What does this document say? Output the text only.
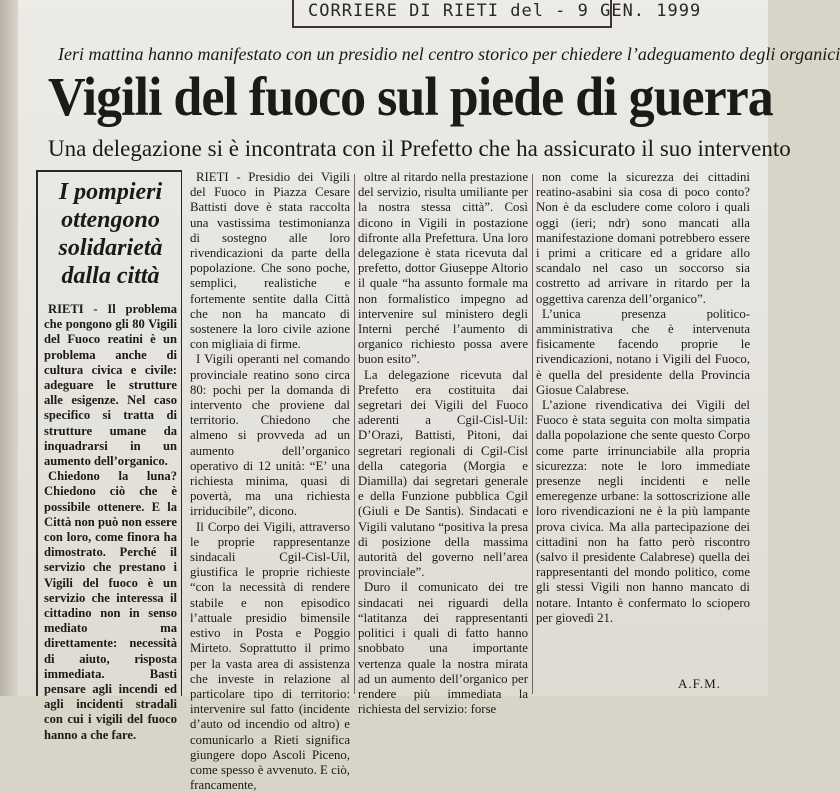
CORRIERE DI RIETI del - 9 GEN. 1999
Ieri mattina hanno manifestato con un presidio nel centro storico per chiedere l’adeguamento degli organici
Vigili del fuoco sul piede di guerra
Una delegazione si è incontrata con il Prefetto che ha assicurato il suo intervento
I pompieri ottengono solidarietà dalla città

RIETI - Il problema che pongono gli 80 Vigili del Fuoco reatini è un problema anche di cultura civica e civile: adeguare le strutture alle esigenze. Nel caso specifico si tratta di strutture umane da inquadrarsi in un aumento dell’organico.

Chiedono la luna? Chiedono ciò che è possibile ottenere. E la Città non può non essere con loro, come finora ha dimostrato. Perché il servizio che prestano i Vigili del fuoco è un servizio che interessa il cittadino non in senso mediato ma direttamente: necessità di aiuto, risposta immediata. Basti pensare agli incendi ed agli incidenti stradali con cui i vigili del fuoco hanno a che fare.

RIETI - Presidio dei Vigili del Fuoco in Piazza Cesare Battisti dove è stata raccolta una vastissima testimonianza di sostegno alle loro rivendicazioni da parte della popolazione. Che sono poche, semplici, realistiche e fortemente sentite dalla Città che non ha mancato di sostenere la loro civile azione con migliaia di firme.

I Vigili operanti nel comando provinciale reatino sono circa 80: pochi per la domanda di intervento che proviene dal territorio. Chiedono che almeno si provveda ad un aumento dell’organico operativo di 12 unità: “E’ una richiesta minima, quasi di povertà, ma una richiesta irriducibile”, dicono.

Il Corpo dei Vigili, attraverso le proprie rappresentanze sindacali Cgil-Cisl-Uil, giustifica le proprie richieste “con la necessità di rendere stabile e non episodico l’attuale presidio bimensile estivo in Posta e Poggio Mirteto. Soprattutto il primo per la vasta area di assistenza che investe in relazione al particolare tipo di territorio: intervenire sul fatto (incidente d’auto od incendio od altro) e comunicarlo a Rieti significa giungere dopo Ascoli Piceno, come spesso è avvenuto. E ciò, francamente,

oltre al ritardo nella prestazione del servizio, risulta umiliante per la nostra stessa città”. Così dicono in Vigili in postazione difronte alla Prefettura. Una loro delegazione è stata ricevuta dal prefetto, dottor Giuseppe Altorio il quale “ha assunto formale ma non formalistico impegno ad intervenire sul ministero degli Interni perché l’aumento di organico richiesto possa avere buon esito”.

La delegazione ricevuta dal Prefetto era costituita dai segretari dei Vigili del Fuoco aderenti a Cgil-Cisl-Uil: D’Orazi, Battisti, Pitoni, dai segretari regionali di Cgil-Cisl della categoria (Morgia e Diamilla) dai segretari generale e della Funzione pubblica Cgil (Giuli e De Santis). Sindacati e Vigili valutano “positiva la presa di posizione della massima autorità del governo nell’area provinciale”.

Duro il comunicato dei tre sindacati nei riguardi della “latitanza dei rappresentanti politici i quali di fatto hanno snobbato una importante vertenza quale la nostra mirata ad un aumento dell’organico per rendere più immediata la richiesta del servizio: forse

non come la sicurezza dei cittadini reatino-asabini sia cosa di poco conto? Non è da escludere come coloro i quali oggi (ieri; ndr) sono mancati alla manifestazione domani potrebbero essere i primi a criticare ed a gridare allo scandalo nel caso un soccorso sia costretto ad arrivare in ritardo per la oggettiva carenza dell’organico”.

L’unica presenza politico-amministrativa che è intervenuta fisicamente facendo proprie le rivendicazioni, notano i Vigili del Fuoco, è quella del presidente della Provincia Giosue Calabrese.

L’azione rivendicativa dei Vigili del Fuoco è stata seguita con molta simpatia dalla popolazione che sente questo Corpo come parte irrinunciabile alla propria sicurezza: note le loro immediate presenze negli incidenti e nelle emeregenze urbane: la sottoscrizione alle loro rivendicazioni ne è la più lampante prova civica. Ma alla partecipazione dei cittadini non ha fatto però riscontro (salvo il presidente Calabrese) quella dei rappresentanti del mondo politico, come gli stessi Vigili non hanno mancato di notare. Intanto è confermato lo sciopero per giovedì 21.

A.F.M.
